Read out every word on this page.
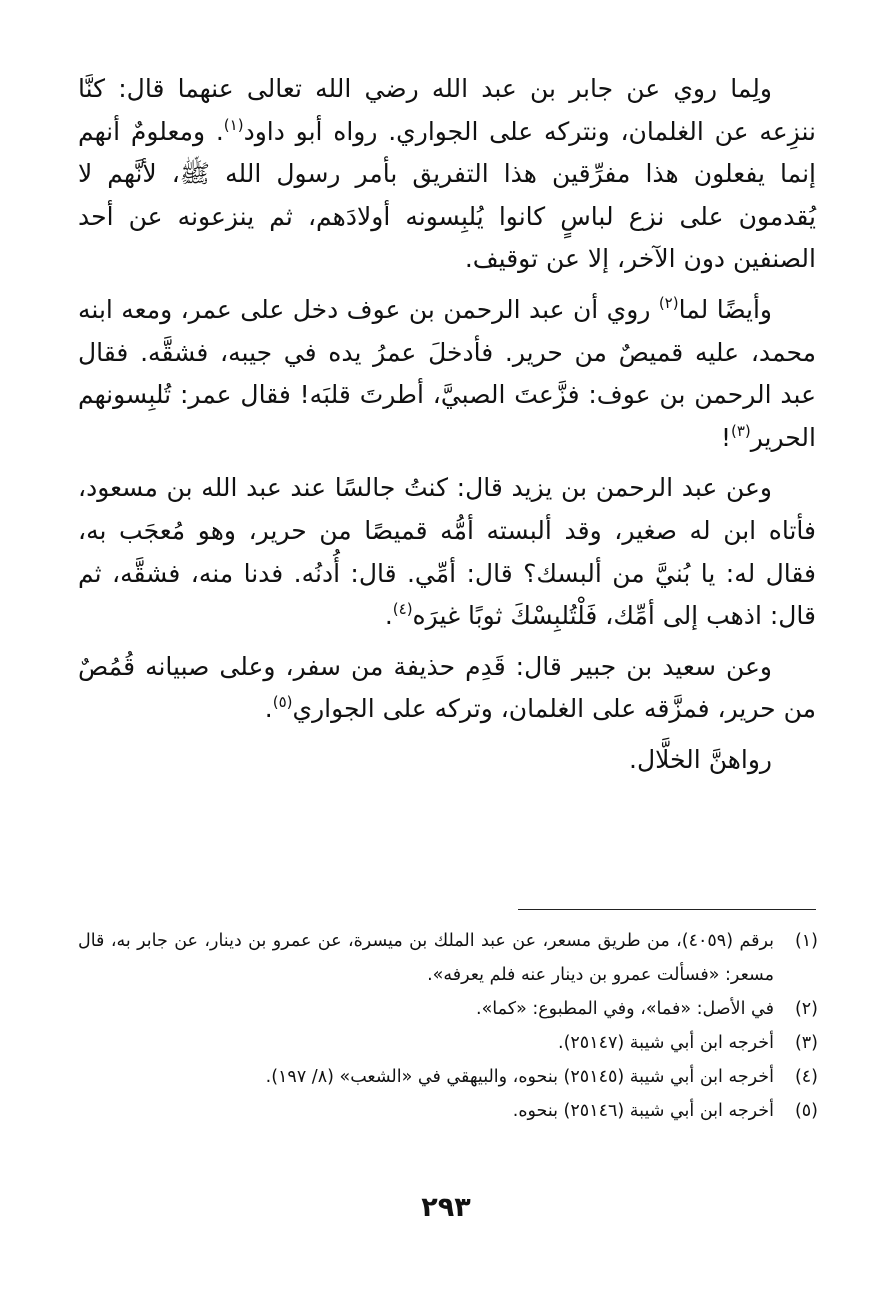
ولِما روي عن جابر بن عبد الله رضي الله تعالى عنهما قال: كنَّا ننزِعه عن الغلمان، ونتركه على الجواري. رواه أبو داود$^{(١)}$. ومعلومٌ أنهم إنما يفعلون هذا مفرِّقين هذا التفريق بأمر رسول الله ﷺ، لأنَّهم لا يُقدمون على نزع لباسٍ كانوا يُلبِسونه أولادَهم، ثم ينزعونه عن أحد الصنفين دون الآخر، إلا عن توقيف.

وأيضًا لما$^{(٢)}$ روي أن عبد الرحمن بن عوف دخل على عمر، ومعه ابنه محمد، عليه قميصٌ من حرير. فأدخلَ عمرُ يده في جيبه، فشقَّه. فقال عبد الرحمن بن عوف: فزَّعتَ الصبيَّ، أطرتَ قلبَه! فقال عمر: تُلبِسونهم الحرير$^{(٣)}$!

وعن عبد الرحمن بن يزيد قال: كنتُ جالسًا عند عبد الله بن مسعود، فأتاه ابن له صغير، وقد ألبسته أمُّه قميصًا من حرير، وهو مُعجَب به، فقال له: يا بُنيَّ من ألبسك؟ قال: أمِّي. قال: أُدنُه. فدنا منه، فشقَّه، ثم قال: اذهب إلى أمِّك، فَلْتُلبِسْكَ ثوبًا غيرَه$^{(٤)}$.

وعن سعيد بن جبير قال: قَدِم حذيفة من سفر، وعلى صبيانه قُمُصٌ من حرير، فمزَّقه على الغلمان، وتركه على الجواري$^{(٥)}$.

رواهنَّ الخلَّال.

(١)
برقم (٤٠٥٩)، من طريق مسعر، عن عبد الملك بن ميسرة، عن عمرو بن دينار، عن جابر به، قال مسعر: «فسألت عمرو بن دينار عنه فلم يعرفه».
(٢)
في الأصل: «فما»، وفي المطبوع: «كما».
(٣)
أخرجه ابن أبي شيبة (٢٥١٤٧).
(٤)
أخرجه ابن أبي شيبة (٢٥١٤٥) بنحوه، والبيهقي في «الشعب» (٨/ ١٩٧).
(٥)
أخرجه ابن أبي شيبة (٢٥١٤٦) بنحوه.
٢٩٣
